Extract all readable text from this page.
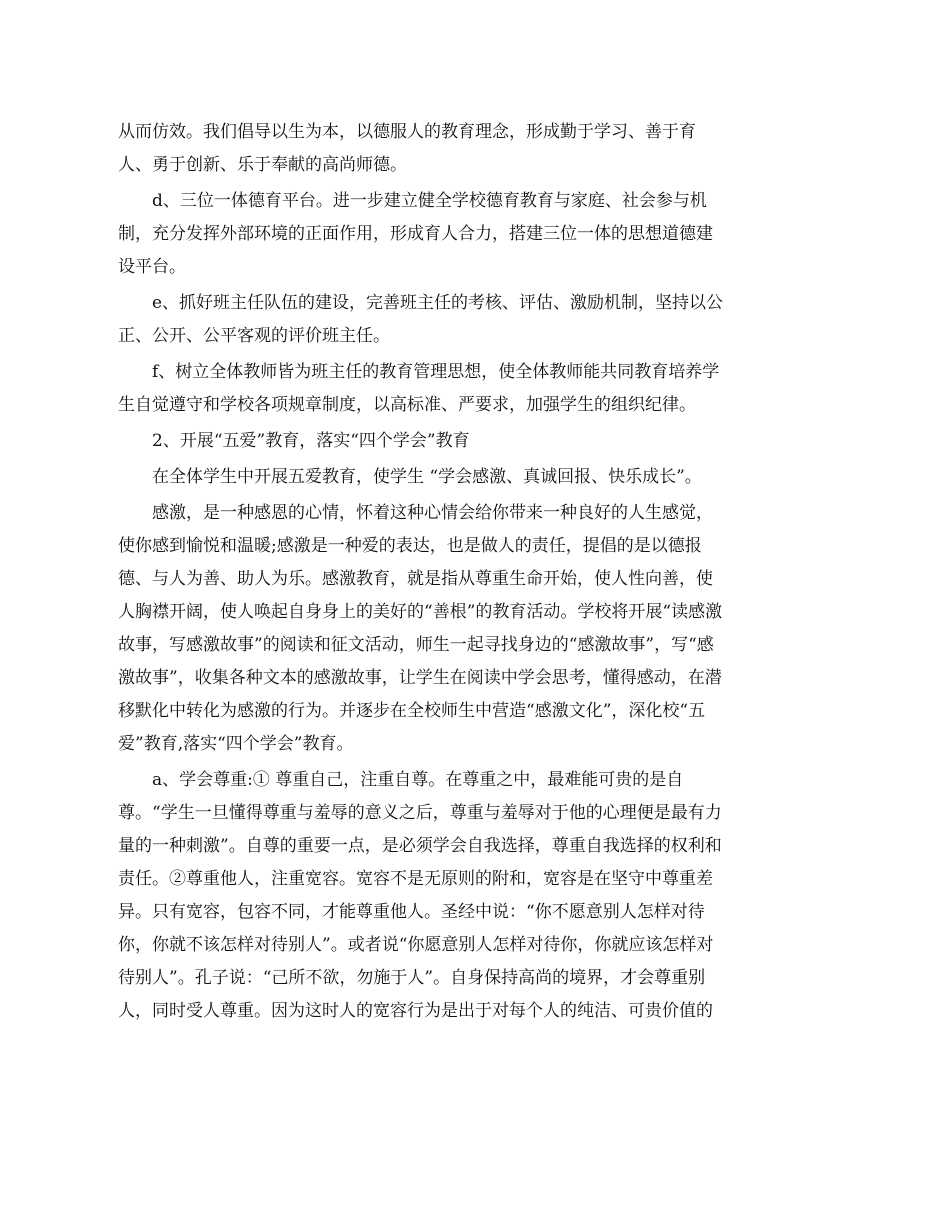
从而仿效。我们倡导以生为本，以德服人的教育理念，形成勤于学习、善于育
人、勇于创新、乐于奉献的高尚师德。

d、三位一体德育平台。进一步建立健全学校德育教育与家庭、社会参与机
制，充分发挥外部环境的正面作用，形成育人合力，搭建三位一体的思想道德建
设平台。

e、抓好班主任队伍的建设，完善班主任的考核、评估、激励机制，坚持以公
正、公开、公平客观的评价班主任。

f、树立全体教师皆为班主任的教育管理思想，使全体教师能共同教育培养学
生自觉遵守和学校各项规章制度，以高标准、严要求，加强学生的组织纪律。

2、开展“五爱”教育，落实“四个学会”教育

在全体学生中开展五爱教育，使学生 “学会感激、真诚回报、快乐成长”。

感激，是一种感恩的心情，怀着这种心情会给你带来一种良好的人生感觉，
使你感到愉悦和温暖;感激是一种爱的表达，也是做人的责任，提倡的是以德报
德、与人为善、助人为乐。感激教育，就是指从尊重生命开始，使人性向善，使
人胸襟开阔，使人唤起自身身上的美好的“善根”的教育活动。学校将开展“读感激
故事，写感激故事”的阅读和征文活动，师生一起寻找身边的“感激故事”，写“感
激故事”，收集各种文本的感激故事，让学生在阅读中学会思考，懂得感动，在潜
移默化中转化为感激的行为。并逐步在全校师生中营造“感激文化”，深化校“五
爱”教育,落实“四个学会”教育。

a、学会尊重:① 尊重自己，注重自尊。在尊重之中，最难能可贵的是自
尊。“学生一旦懂得尊重与羞辱的意义之后，尊重与羞辱对于他的心理便是最有力
量的一种刺激”。自尊的重要一点，是必须学会自我选择，尊重自我选择的权利和
责任。②尊重他人，注重宽容。宽容不是无原则的附和，宽容是在坚守中尊重差
异。只有宽容，包容不同，才能尊重他人。圣经中说：“你不愿意别人怎样对待
你，你就不该怎样对待别人”。或者说“你愿意别人怎样对待你，你就应该怎样对
待别人”。孔子说：“己所不欲，勿施于人”。自身保持高尚的境界，才会尊重别
人，同时受人尊重。因为这时人的宽容行为是出于对每个人的纯洁、可贵价值的
